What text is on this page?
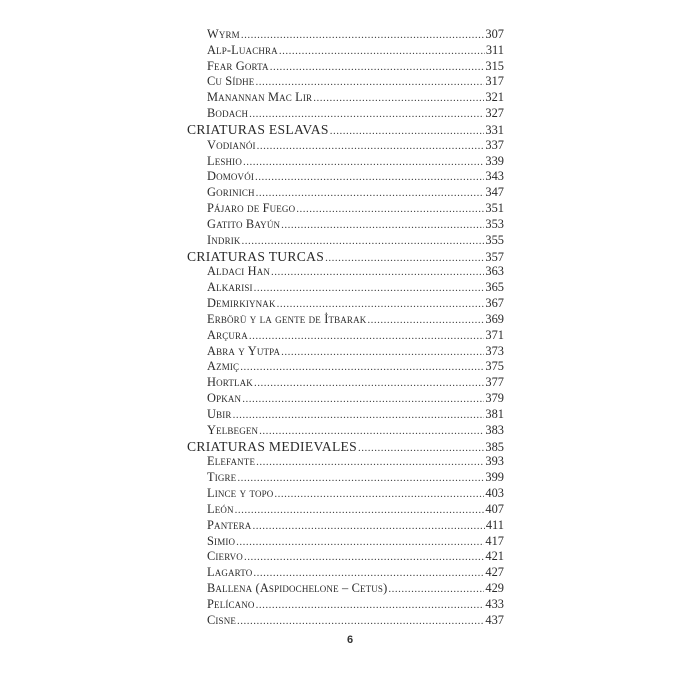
Wyrm .....	307
Alp-Luachra .....	311
Fear Gorta .....	315
Cu Sídhe .....	317
Manannan Mac Lir .....	321
Bodach .....	327
CRIATURAS ESLAVAS .....	331
Vodianói .....	337
Leshio .....	339
Domovói .....	343
Gorinich .....	347
Pájaro de Fuego .....	351
Gatito Bayún .....	353
Indrik .....	355
CRIATURAS TURCAS .....	357
Aldaci Han .....	363
Alkarisi .....	365
Demirkiynak .....	367
Erbörü y la gente de İtbarak .....	369
Arçura .....	371
Abra y Yutpa .....	373
Azmiç .....	375
Hortlak .....	377
Opkan .....	379
Ubir .....	381
Yelbegen .....	383
CRIATURAS MEDIEVALES .....	385
Elefante .....	393
Tigre .....	399
Lince y topo .....	403
León .....	407
Pantera .....	411
Simio .....	417
Ciervo .....	421
Lagarto .....	427
Ballena (Aspidochelone – Cetus) .....	429
Pelícano .....	433
Cisne .....	437
6
